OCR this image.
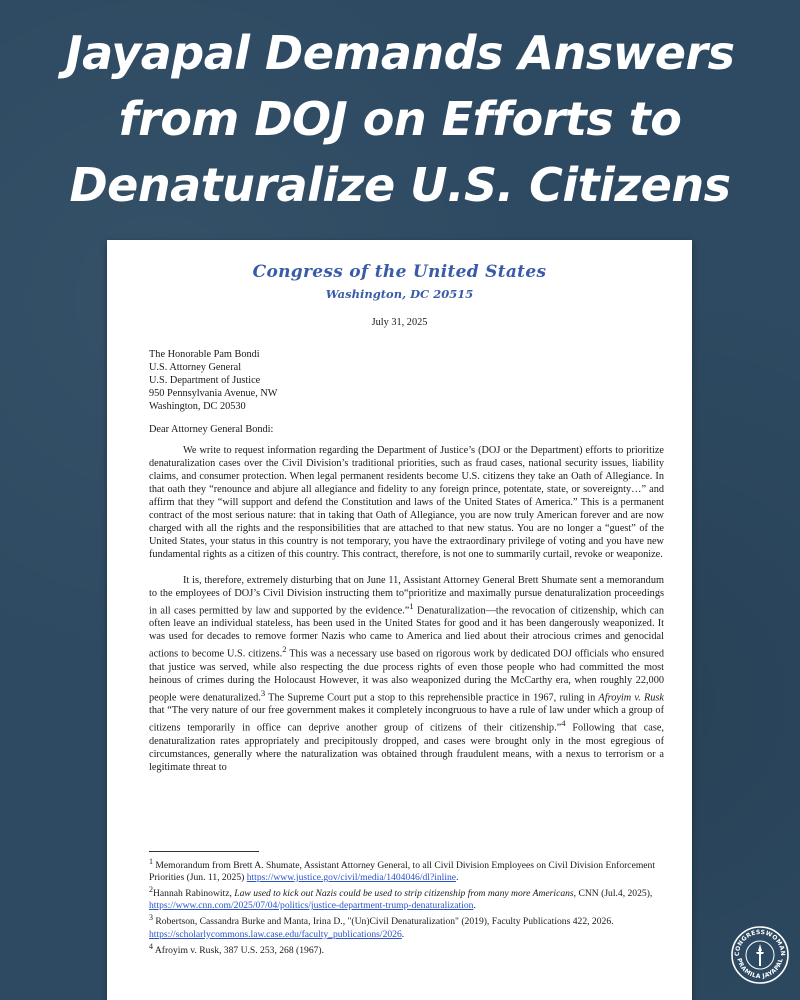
Jayapal Demands Answers
from DOJ on Efforts to
Denaturalize U.S. Citizens
Congress of the United States
Washington, DC 20515
July 31, 2025
The Honorable Pam Bondi
U.S. Attorney General
U.S. Department of Justice
950 Pennsylvania Avenue, NW
Washington, DC 20530
Dear Attorney General Bondi:

We write to request information regarding the Department of Justice’s (DOJ or the Department) efforts to prioritize denaturalization cases over the Civil Division’s traditional priorities, such as fraud cases, national security issues, liability claims, and consumer protection. When legal permanent residents become U.S. citizens they take an Oath of Allegiance. In that oath they “renounce and abjure all allegiance and fidelity to any foreign prince, potentate, state, or sovereignty…” and affirm that they “will support and defend the Constitution and laws of the United States of America.” This is a permanent contract of the most serious nature: that in taking that Oath of Allegiance, you are now truly American forever and are now charged with all the rights and the responsibilities that are attached to that new status. You are no longer a “guest” of the United States, your status in this country is not temporary, you have the extraordinary privilege of voting and you have new fundamental rights as a citizen of this country. This contract, therefore, is not one to summarily curtail, revoke or weaponize.

It is, therefore, extremely disturbing that on June 11, Assistant Attorney General Brett Shumate sent a memorandum to the employees of DOJ’s Civil Division instructing them to“prioritize and maximally pursue denaturalization proceedings in all cases permitted by law and supported by the evidence.”$^1$ Denaturalization—the revocation of citizenship, which can often leave an individual stateless, has been used in the United States for good and it has been dangerously weaponized. It was used for decades to remove former Nazis who came to America and lied about their atrocious crimes and genocidal actions to become U.S. citizens.$^2$ This was a necessary use based on rigorous work by dedicated DOJ officials who ensured that justice was served, while also respecting the due process rights of even those people who had committed the most heinous of crimes during the Holocaust However, it was also weaponized during the McCarthy era, when roughly 22,000 people were denaturalized.$^3$ The Supreme Court put a stop to this reprehensible practice in 1967, ruling in Afroyim v. Rusk that “The very nature of our free government makes it completely incongruous to have a rule of law under which a group of citizens temporarily in office can deprive another group of citizens of their citizenship.”$^4$ Following that case, denaturalization rates appropriately and precipitously dropped, and cases were brought only in the most egregious of circumstances, generally where the naturalization was obtained through fraudulent means, with a nexus to terrorism or a legitimate threat to

$^1$ Memorandum from Brett A. Shumate, Assistant Attorney General, to all Civil Division Employees on Civil Division Enforcement Priorities (Jun. 11, 2025) https://www.justice.gov/civil/media/1404046/dl?inline.
$^2$Hannah Rabinowitz, Law used to kick out Nazis could be used to strip citizenship from many more Americans, CNN (Jul.4, 2025), https://www.cnn.com/2025/07/04/politics/justice-department-trump-denaturalization.
$^3$ Robertson, Cassandra Burke and Manta, Irina D., "(Un)Civil Denaturalization" (2019), Faculty Publications 422, 2026.
https://scholarlycommons.law.case.edu/faculty_publications/2026.
$^4$ Afroyim v. Rusk, 387 U.S. 253, 268 (1967).	CONGRESSWOMAN
PRAMILA JAYAPAL
